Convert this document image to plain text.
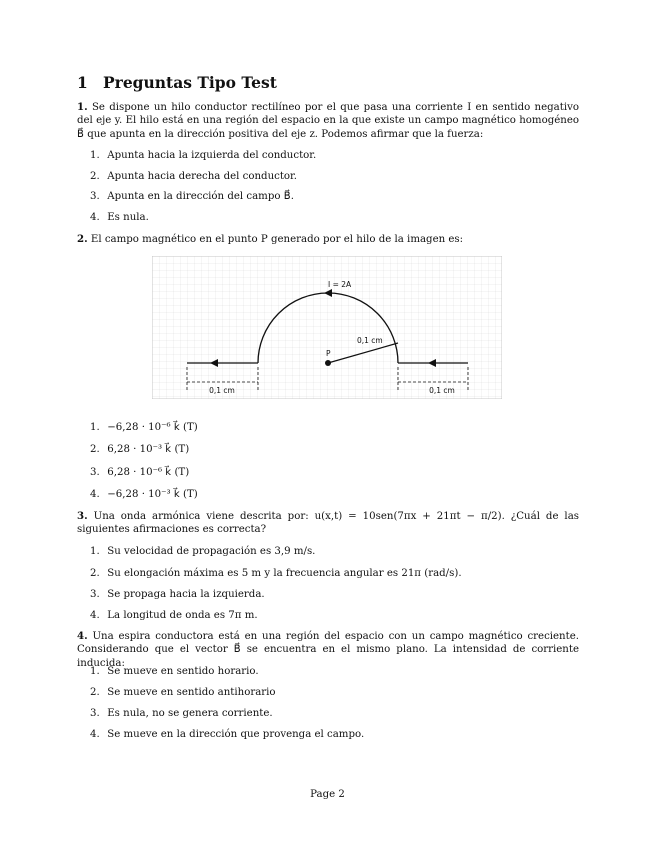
1 Preguntas Tipo Test

1. Se dispone un hilo conductor rectilíneo por el que pasa una corriente I en sentido negativo del eje y. El hilo está en una región del espacio en la que existe un campo magnético homogéneo B⃗ que apunta en la dirección positiva del eje z. Podemos afirmar que la fuerza:

1. Apunta hacia la izquierda del conductor.

2. Apunta hacia derecha del conductor.

3. Apunta en la dirección del campo B⃗.

4. Es nula.

2. El campo magnético en el punto P generado por el hilo de la imagen es:

I = 2A
0,1 cm
P
0,1 cm	0,1 cm

1. −6,28 · 10⁻⁶ k⃗ (T)

2. 6,28 · 10⁻³ k⃗ (T)

3. 6,28 · 10⁻⁶ k⃗ (T)

4. −6,28 · 10⁻³ k⃗ (T)

3. Una onda armónica viene descrita por: u(x,t) = 10sen(7πx + 21πt − π/2). ¿Cuál de las siguientes afirmaciones es correcta?

1. Su velocidad de propagación es 3,9 m/s.

2. Su elongación máxima es 5 m y la frecuencia angular es 21π (rad/s).

3. Se propaga hacia la izquierda.

4. La longitud de onda es 7π m.

4. Una espira conductora está en una región del espacio con un campo magnético creciente. Considerando que el vector B⃗ se encuentra en el mismo plano. La intensidad de corriente inducida:

1. Se mueve en sentido horario.

2. Se mueve en sentido antihorario

3. Es nula, no se genera corriente.

4. Se mueve en la dirección que provenga el campo.

Page 2
